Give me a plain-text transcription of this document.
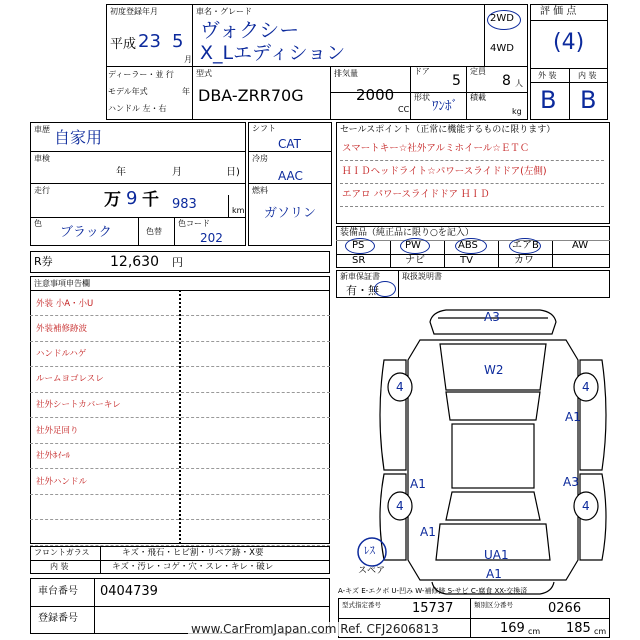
初度登録年月
平成 23 5
月
車名・グレード
ヴォクシー
X_Lエディション
2WD
4WD
ディーラー・並 行
モデル年式	年
ハンドル 左・右
型式
DBA-ZRR70G
排気量
2000
CC
ドア
5
形状
ﾜﾝﾎﾞ
定員
8 人
積載
kg
評 価 点
(4)
外 装	内 装
B B
車歴 自家用
車検
年	月	日)
走行	万 9 千 983	km
色
ブラック	色替
色コード
202
シフト
CAT
冷房
AAC
燃料
ガソリン
R券	12,630 円
セールスポイント（正常に機能するものに限ります）
スマートキー☆社外アルミホイール☆ＥＴＣ
ＨＩＤヘッドライト☆パワースライドドア(左側)
エアロ パワースライドドア ＨＩＤ
装備品（純正品に限り○を記入）
PS	PW	ABS	エアB	AW
SR	ナビ	TV	カワ
新車保証書	取扱説明書
有・無
注意事項申告欄
外装 小A・小U
外装補修跡波
ハンドルハゲ
ルームヨゴレスレ
社外シートカバーキレ
社外足回り
社外ﾎｲｰﾙ
社外ハンドル
フロントガラス	キズ・飛石・ヒビ割・リペア跡・X要
内 装	キズ・汚レ・コゲ・穴・スレ・キレ・破レ
車台番号 0404739
登録番号
A3
W2
4	4
A1
A1	A3
4	4
A1
UA1
A1
ﾚｽ
スペア
A-キズ E-エクボ U-凹み W-補修跡 S-サビ C-腐食 XX-交換済
型式指定番号 15737	類別区分番号	0266
169 cm 185 cm
www.CarFromJapan.com Ref. CFJ2606813
